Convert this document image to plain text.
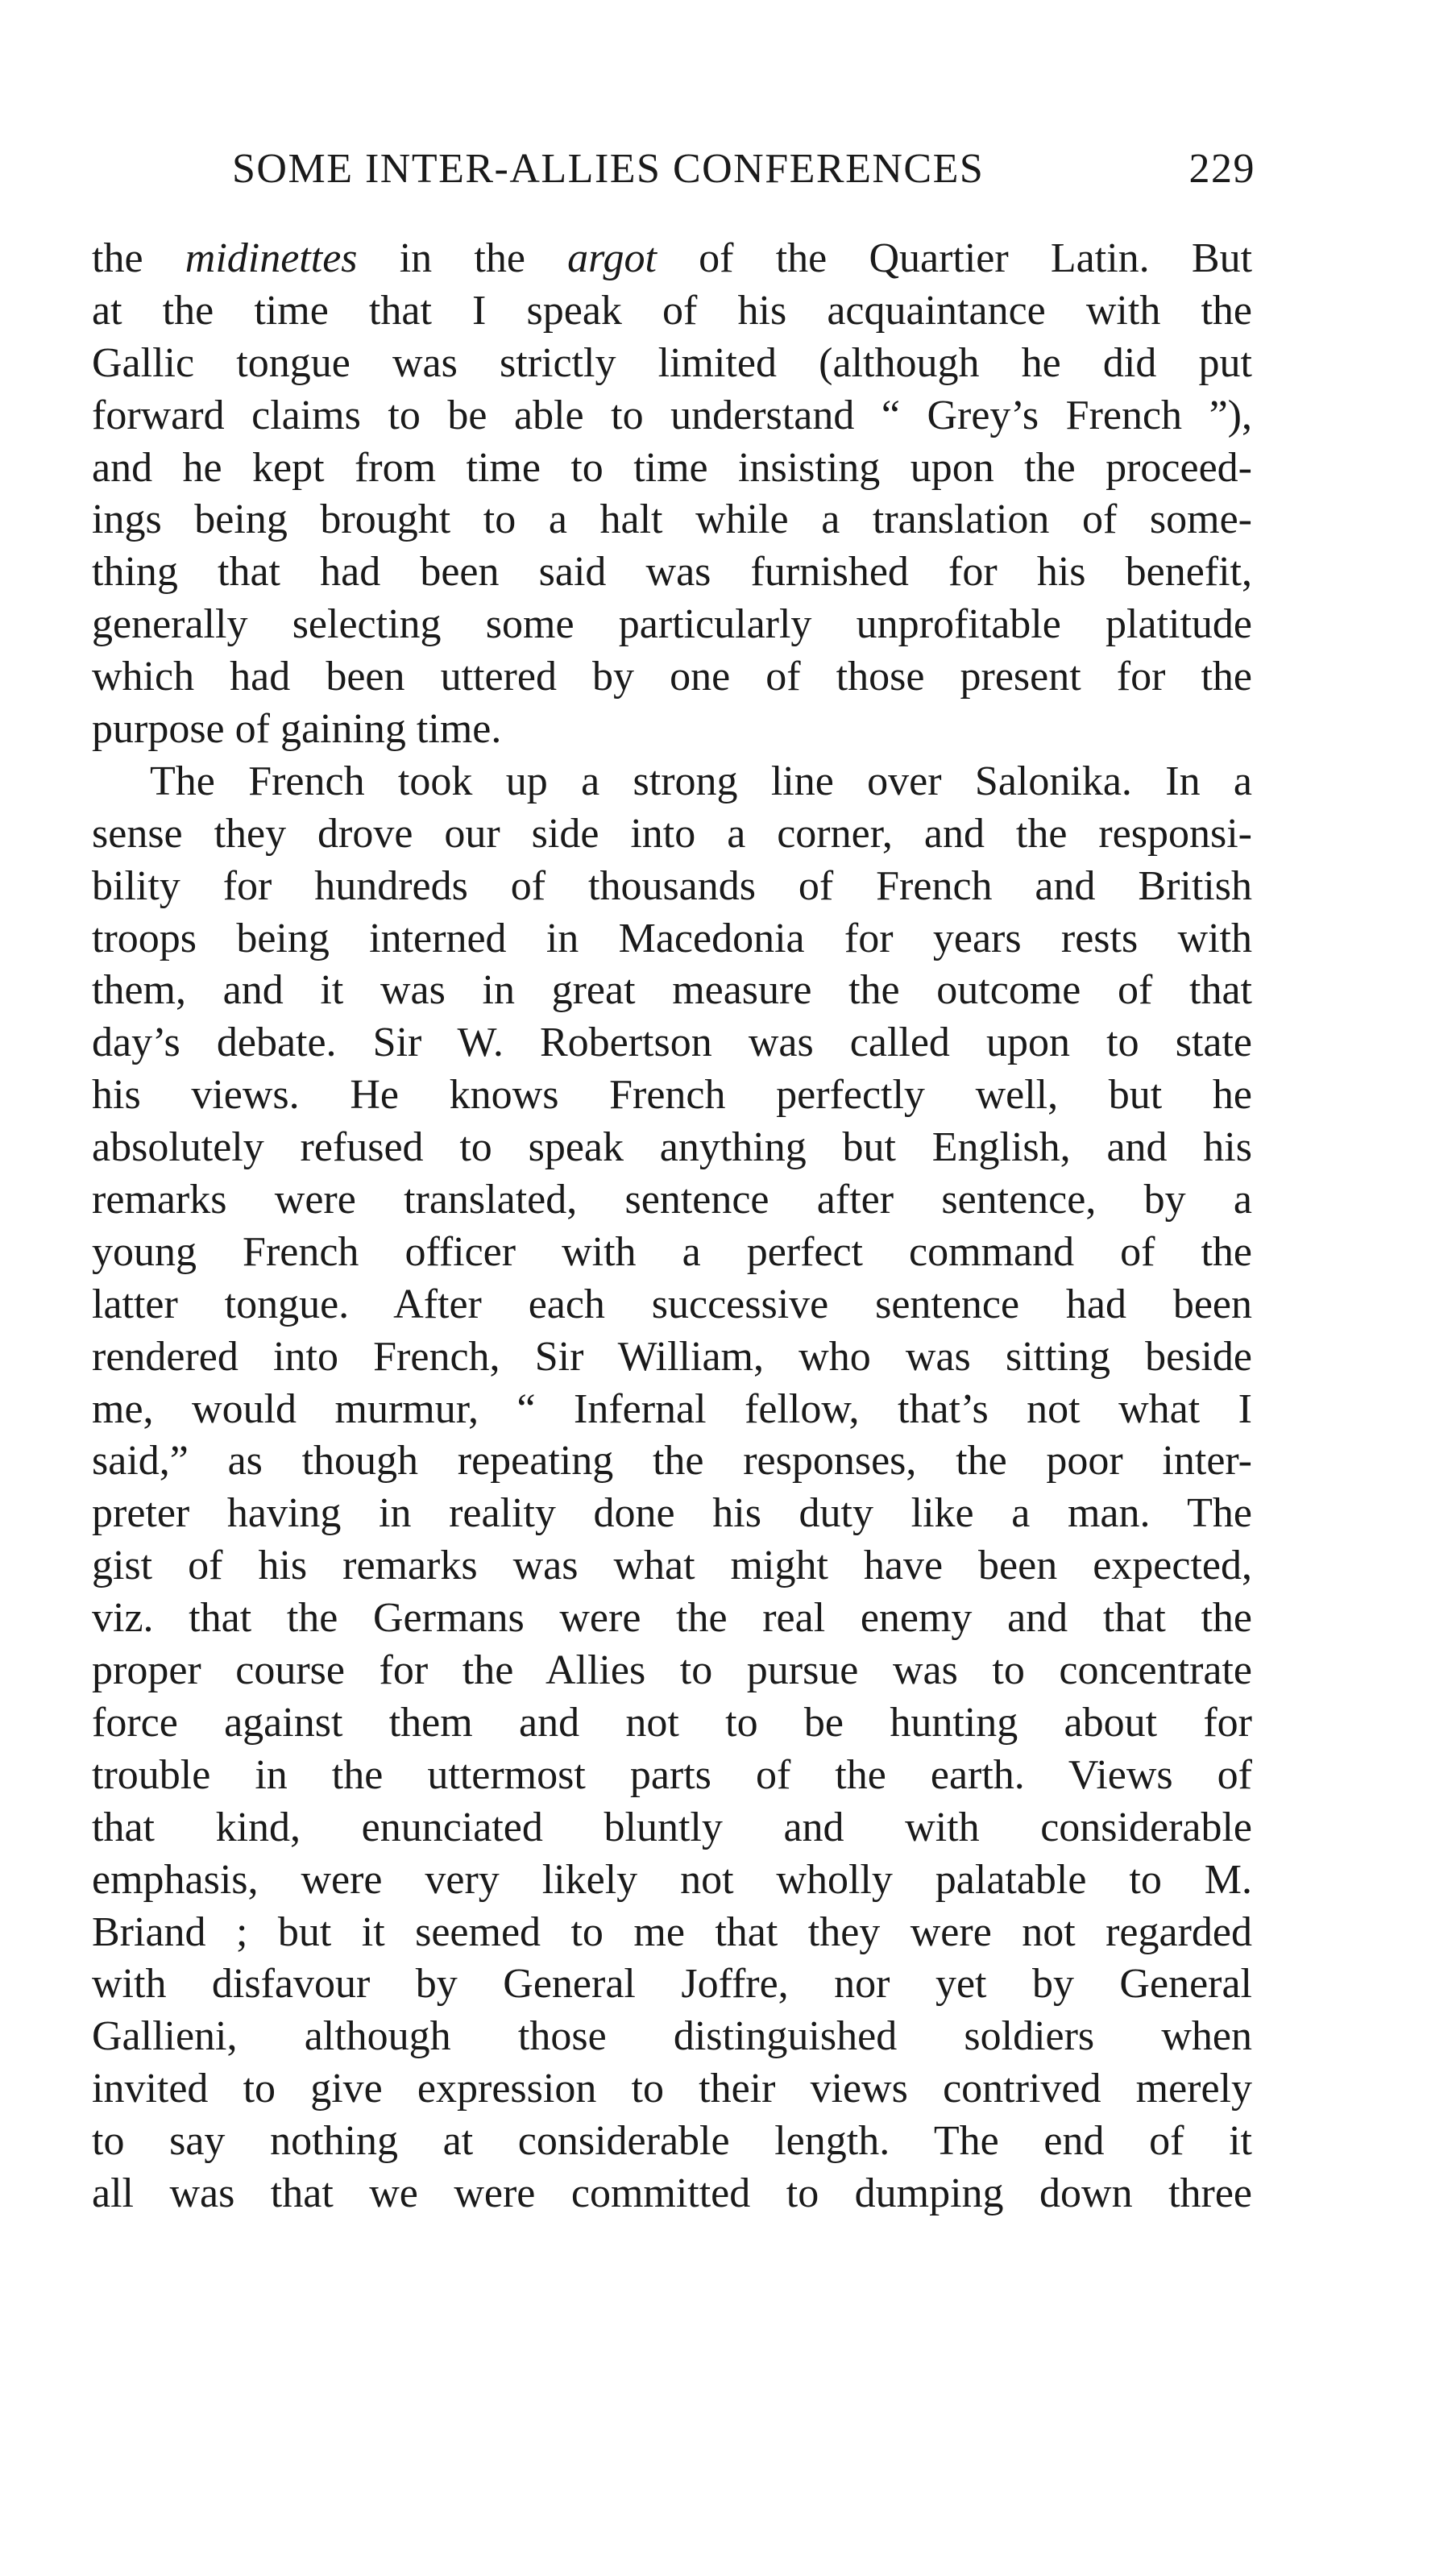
SOME INTER-ALLIES CONFERENCES	229
the midinettes in the argot of the Quartier Latin. But
at the time that I speak of his acquaintance with the
Gallic tongue was strictly limited (although he did put
forward claims to be able to understand “ Grey’s French ”),
and he kept from time to time insisting upon the proceed-
ings being brought to a halt while a translation of some-
thing that had been said was furnished for his benefit,
generally selecting some particularly unprofitable platitude
which had been uttered by one of those present for the
purpose of gaining time.
The French took up a strong line over Salonika. In a
sense they drove our side into a corner, and the responsi-
bility for hundreds of thousands of French and British
troops being interned in Macedonia for years rests with
them, and it was in great measure the outcome of that
day’s debate. Sir W. Robertson was called upon to state
his views. He knows French perfectly well, but he
absolutely refused to speak anything but English, and his
remarks were translated, sentence after sentence, by a
young French officer with a perfect command of the
latter tongue. After each successive sentence had been
rendered into French, Sir William, who was sitting beside
me, would murmur, “ Infernal fellow, that’s not what I
said,” as though repeating the responses, the poor inter-
preter having in reality done his duty like a man. The
gist of his remarks was what might have been expected,
viz. that the Germans were the real enemy and that the
proper course for the Allies to pursue was to concentrate
force against them and not to be hunting about for
trouble in the uttermost parts of the earth. Views of
that kind, enunciated bluntly and with considerable
emphasis, were very likely not wholly palatable to M.
Briand ; but it seemed to me that they were not regarded
with disfavour by General Joffre, nor yet by General
Gallieni, although those distinguished soldiers when
invited to give expression to their views contrived merely
to say nothing at considerable length. The end of it
all was that we were committed to dumping down three
